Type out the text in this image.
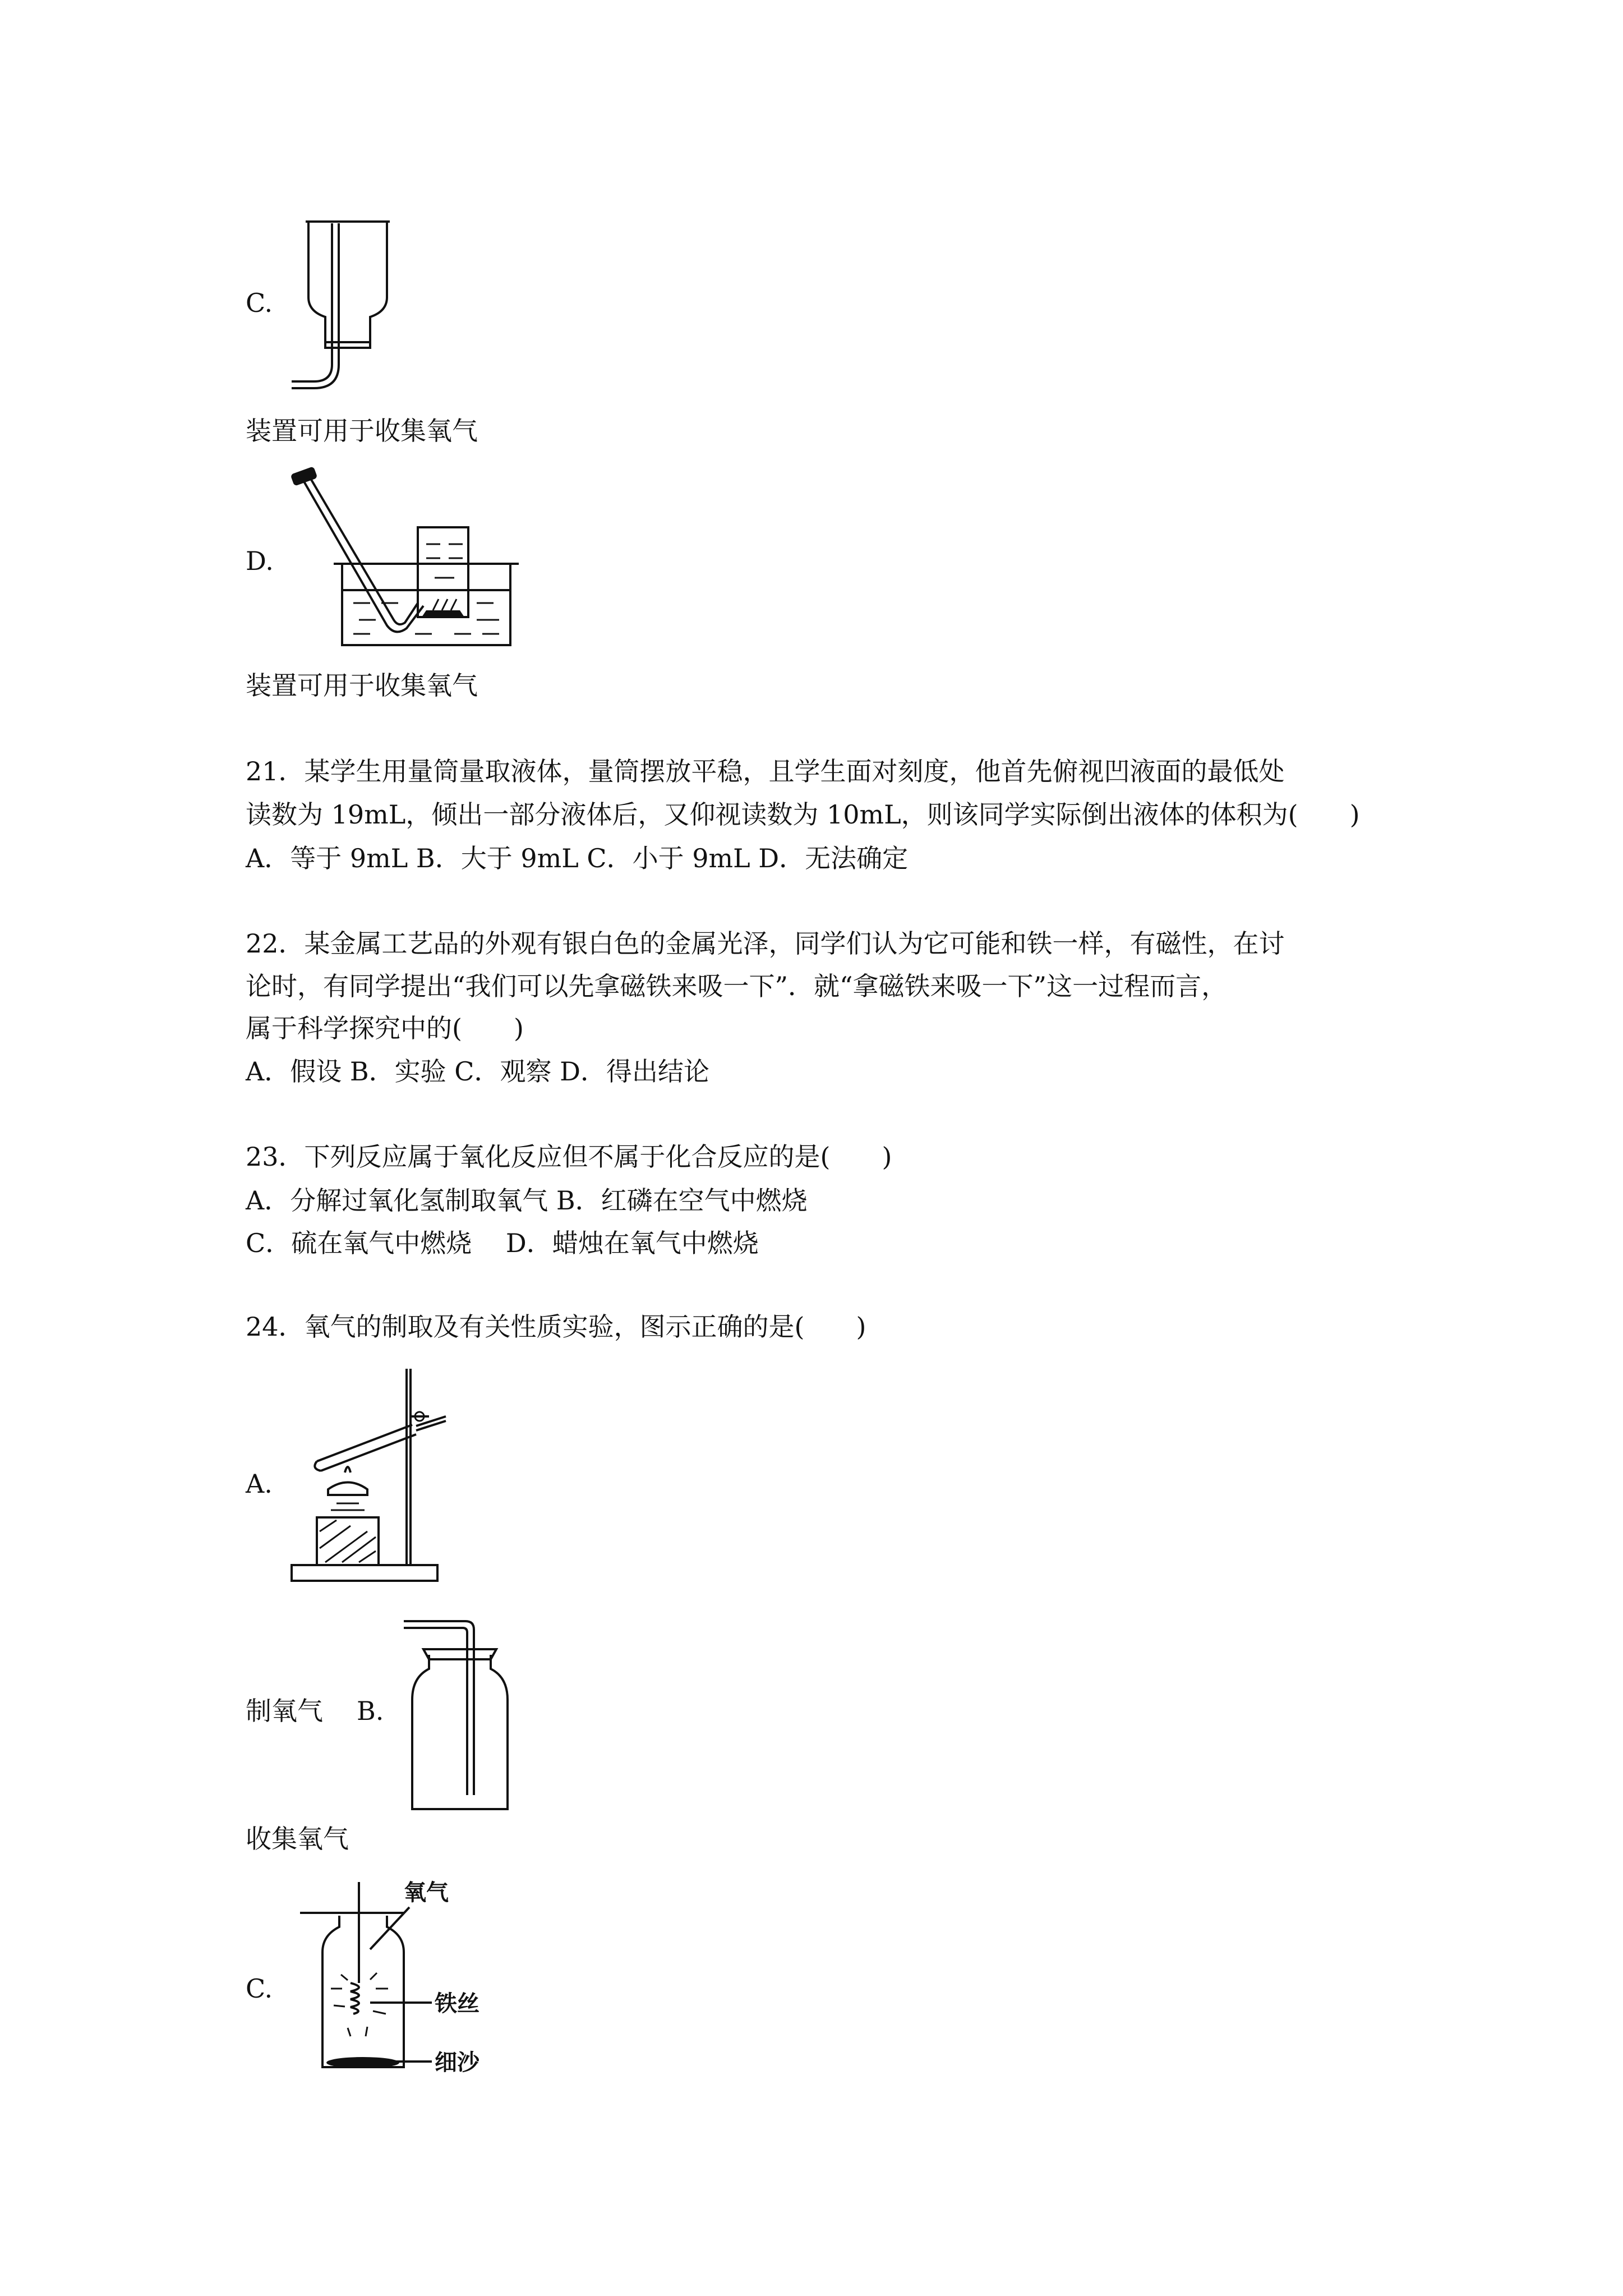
C.
装置可用于收集氧气
D.
装置可用于收集氧气
21．某学生用量筒量取液体，量筒摆放平稳，且学生面对刻度，他首先俯视凹液面的最低处
读数为 19mL，倾出一部分液体后，又仰视读数为 10mL，则该同学实际倒出液体的体积为(　　)
A．等于 9mL B．大于 9mL C．小于 9mL D．无法确定
22．某金属工艺品的外观有银白色的金属光泽，同学们认为它可能和铁一样，有磁性，在讨
论时，有同学提出“我们可以先拿磁铁来吸一下”．就“拿磁铁来吸一下”这一过程而言，
属于科学探究中的(　　)
A．假设 B．实验 C．观察 D．得出结论
23．下列反应属于氧化反应但不属于化合反应的是(　　)
A．分解过氧化氢制取氧气 B．红磷在空气中燃烧
C．硫在氧气中燃烧　 D．蜡烛在氧气中燃烧
24．氧气的制取及有关性质实验，图示正确的是(　　)
A.
制氧气 B.
收集氧气
C.
氧气
铁丝
细沙
